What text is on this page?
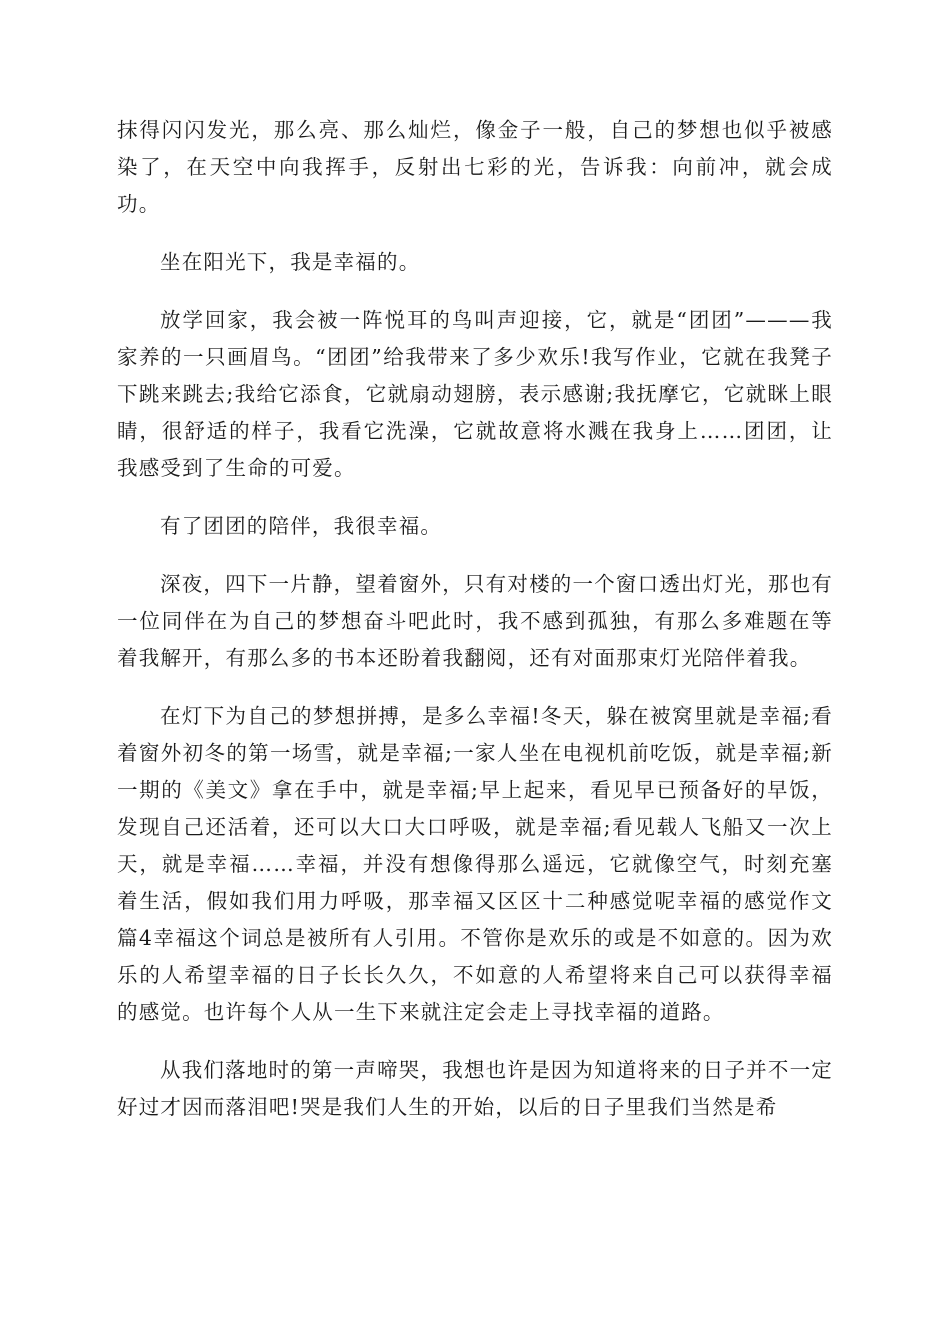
抹得闪闪发光，那么亮、那么灿烂，像金子一般，自己的梦想也似乎被感染了，在天空中向我挥手，反射出七彩的光，告诉我：向前冲，就会成功。

坐在阳光下，我是幸福的。

放学回家，我会被一阵悦耳的鸟叫声迎接，它，就是“团团”———我家养的一只画眉鸟。“团团”给我带来了多少欢乐!我写作业，它就在我凳子下跳来跳去;我给它添食，它就扇动翅膀，表示感谢;我抚摩它，它就眯上眼睛，很舒适的样子，我看它洗澡，它就故意将水溅在我身上……团团，让我感受到了生命的可爱。

有了团团的陪伴，我很幸福。

深夜，四下一片静，望着窗外，只有对楼的一个窗口透出灯光，那也有一位同伴在为自己的梦想奋斗吧此时，我不感到孤独，有那么多难题在等着我解开，有那么多的书本还盼着我翻阅，还有对面那束灯光陪伴着我。

在灯下为自己的梦想拼搏，是多么幸福!冬天，躲在被窝里就是幸福;看着窗外初冬的第一场雪，就是幸福;一家人坐在电视机前吃饭，就是幸福;新一期的《美文》拿在手中，就是幸福;早上起来，看见早已预备好的早饭，发现自己还活着，还可以大口大口呼吸，就是幸福;看见载人飞船又一次上天，就是幸福……幸福，并没有想像得那么遥远，它就像空气，时刻充塞着生活，假如我们用力呼吸，那幸福又区区十二种感觉呢幸福的感觉作文篇4幸福这个词总是被所有人引用。不管你是欢乐的或是不如意的。因为欢乐的人希望幸福的日子长长久久，不如意的人希望将来自己可以获得幸福的感觉。也许每个人从一生下来就注定会走上寻找幸福的道路。

从我们落地时的第一声啼哭，我想也许是因为知道将来的日子并不一定好过才因而落泪吧!哭是我们人生的开始，以后的日子里我们当然是希
